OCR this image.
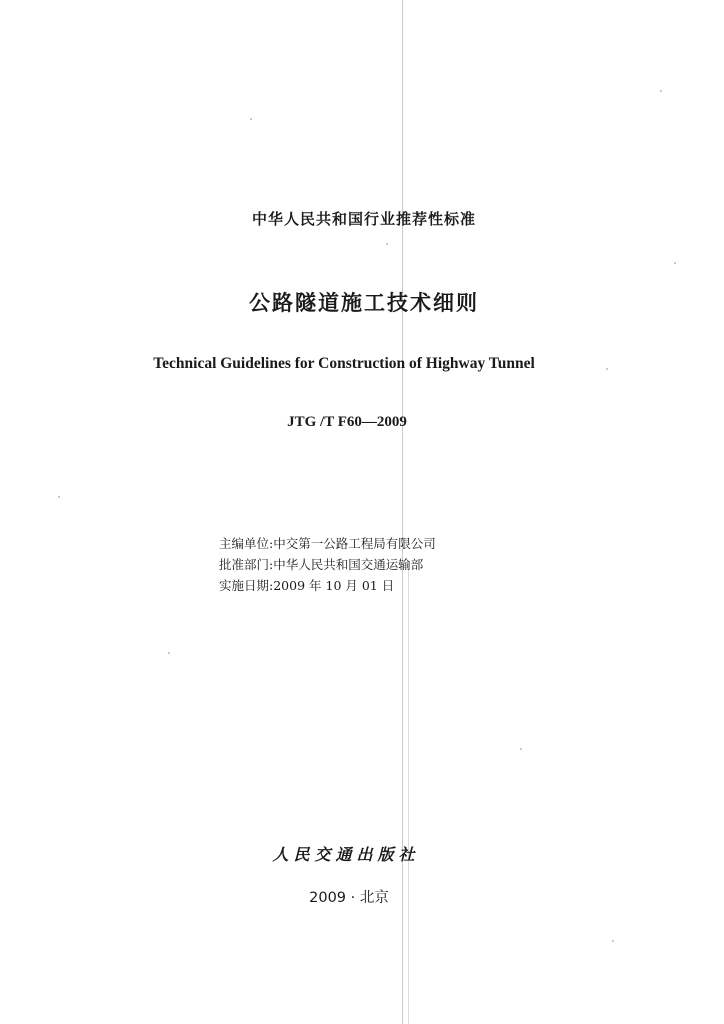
中华人民共和国行业推荐性标准
公路隧道施工技术细则
Technical Guidelines for Construction of Highway Tunnel
JTG /T F60—2009
主编单位:中交第一公路工程局有限公司
批准部门:中华人民共和国交通运输部
实施日期:2009 年 10 月 01 日
人民交通出版社
2009 · 北京
